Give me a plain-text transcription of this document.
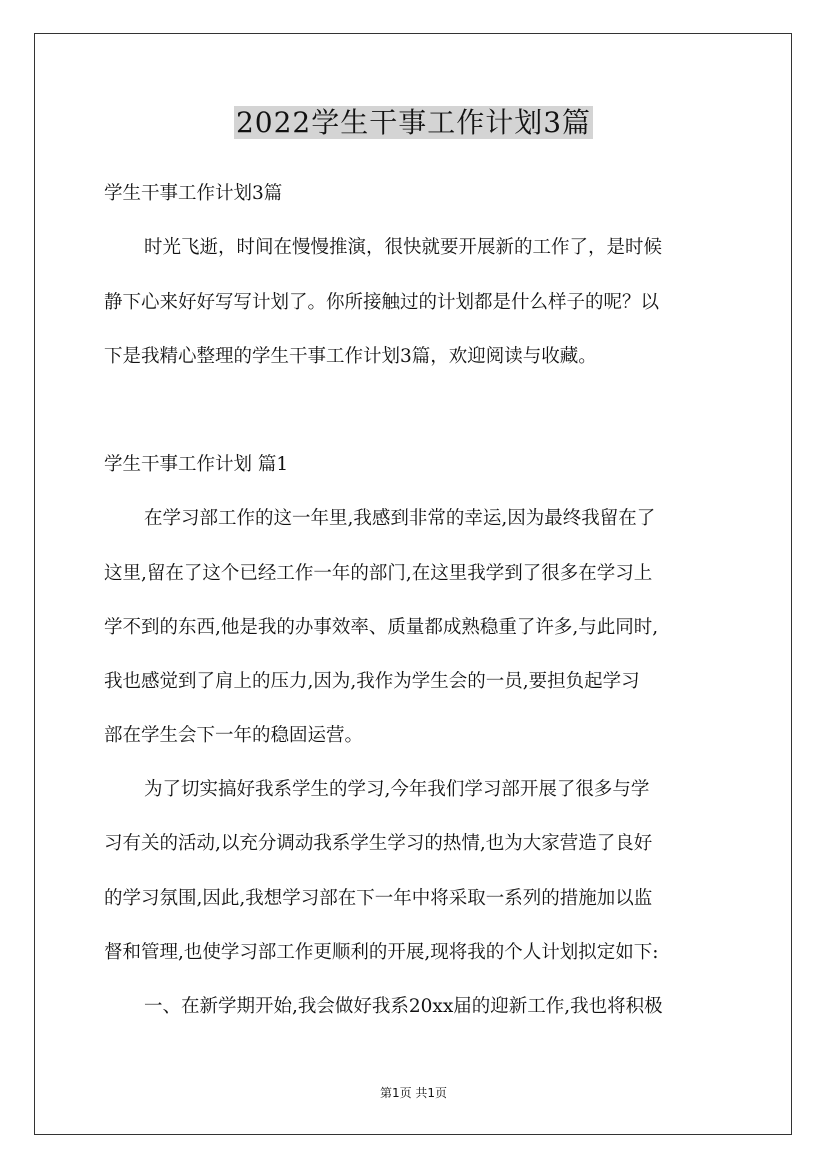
2022学生干事工作计划3篇
学生干事工作计划3篇
时光飞逝，时间在慢慢推演，很快就要开展新的工作了，是时候
静下心来好好写写计划了。你所接触过的计划都是什么样子的呢？以
下是我精心整理的学生干事工作计划3篇，欢迎阅读与收藏。
学生干事工作计划 篇1
在学习部工作的这一年里,我感到非常的幸运,因为最终我留在了
这里,留在了这个已经工作一年的部门,在这里我学到了很多在学习上
学不到的东西,他是我的办事效率、质量都成熟稳重了许多,与此同时,
我也感觉到了肩上的压力,因为,我作为学生会的一员,要担负起学习
部在学生会下一年的稳固运营。
为了切实搞好我系学生的学习,今年我们学习部开展了很多与学
习有关的活动,以充分调动我系学生学习的热情,也为大家营造了良好
的学习氛围,因此,我想学习部在下一年中将采取一系列的措施加以监
督和管理,也使学习部工作更顺利的开展,现将我的个人计划拟定如下:
一、在新学期开始,我会做好我系20xx届的迎新工作,我也将积极
第1页 共1页
